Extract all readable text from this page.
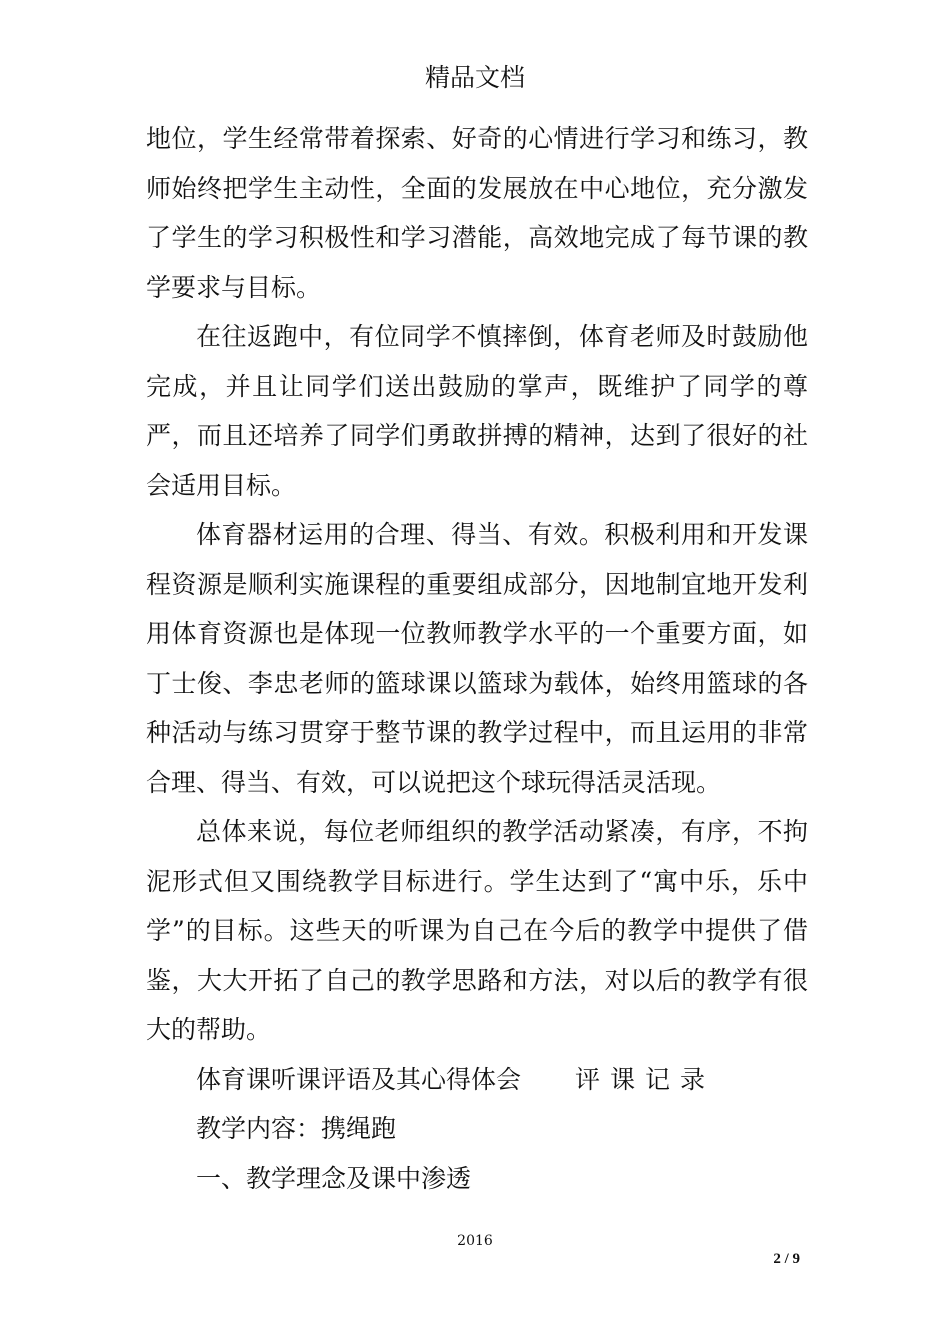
精品文档

地位，学生经常带着探索、好奇的心情进行学习和练习，教师始终把学生主动性，全面的发展放在中心地位，充分激发了学生的学习积极性和学习潜能，高效地完成了每节课的教学要求与目标。

在往返跑中，有位同学不慎摔倒，体育老师及时鼓励他完成，并且让同学们送出鼓励的掌声，既维护了同学的尊严，而且还培养了同学们勇敢拼搏的精神，达到了很好的社会适用目标。

体育器材运用的合理、得当、有效。积极利用和开发课程资源是顺利实施课程的重要组成部分，因地制宜地开发利用体育资源也是体现一位教师教学水平的一个重要方面，如丁士俊、李忠老师的篮球课以篮球为载体，始终用篮球的各种活动与练习贯穿于整节课的教学过程中，而且运用的非常合理、得当、有效，可以说把这个球玩得活灵活现。

总体来说，每位老师组织的教学活动紧凑，有序，不拘泥形式但又围绕教学目标进行。学生达到了“寓中乐，乐中学”的目标。这些天的听课为自己在今后的教学中提供了借鉴，大大开拓了自己的教学思路和方法，对以后的教学有很大的帮助。

体育课听课评语及其心得体会 评课记录
教学内容：携绳跑
一、教学理念及课中渗透
2016
2 / 9
